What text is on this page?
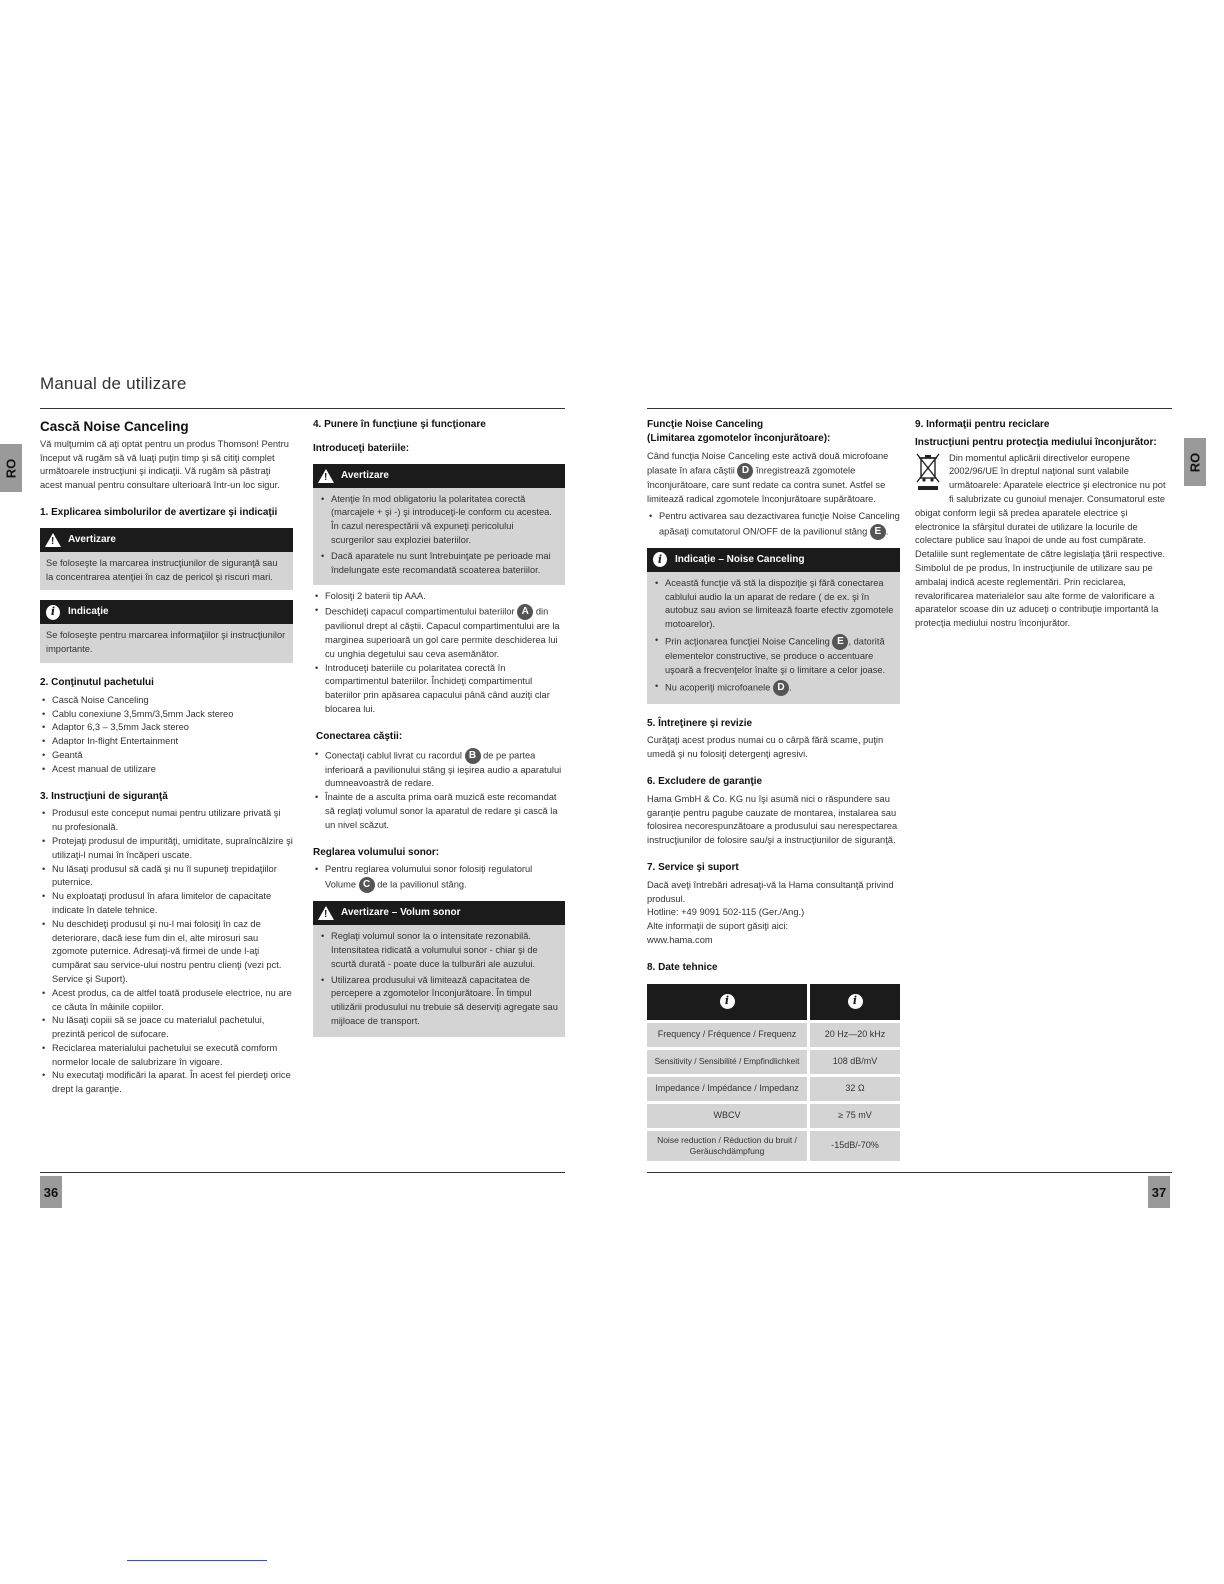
Manual de utilizare
RO	RO
Cască Noise Canceling

Vă mulţumim că aţi optat pentru un produs Thomson! Pentru început vă rugăm să vă luaţi puţin timp şi să citiţi complet următoarele instrucţiuni şi indicaţii. Vă rugăm să păstraţi acest manual pentru consultare ulterioară într-un loc sigur.

1. Explicarea simbolurilor de avertizare şi indicaţii
!
Avertizare

Se foloseşte la marcarea instrucţiunilor de siguranţă sau la concentrarea atenţiei în caz de pericol şi riscuri mari.

i	Indicaţie

Se foloseşte pentru marcarea informaţiilor şi instrucţiunilor importante.

2. Conţinutul pachetului
• Cască Noise Canceling
• Cablu conexiune 3,5mm/3,5mm Jack stereo
• Adaptor 6,3 – 3,5mm Jack stereo
• Adaptor In-flight Entertainment
• Geantă
• Acest manual de utilizare
3. Instrucţiuni de siguranţă
• Produsul este conceput numai pentru utilizare privată şi nu profesională.
• Protejaţi produsul de impurităţi, umiditate, supraîncălzire şi utilizaţi-l numai în încăperi uscate.
• Nu lăsaţi produsul să cadă şi nu îl supuneţi trepidaţiilor puternice.
• Nu exploataţi produsul în afara limitelor de capacitate indicate în datele tehnice.
• Nu deschideţi produsul şi nu-l mai folosiţi în caz de deteriorare, dacă iese fum din el, alte mirosuri sau zgomote puternice. Adresaţi-vă firmei de unde l-aţi cumpărat sau service-ului nostru pentru clienţi (vezi pct. Service şi Suport).
• Acest produs, ca de altfel toată produsele electrice, nu are ce căuta în mâinile copiilor.
• Nu lăsaţi copiii să se joace cu materialul pachetului, prezintă pericol de sufocare.
• Reciclarea materialului pachetului se execută comform normelor locale de salubrizare în vigoare.
• Nu executaţi modificări la aparat. În acest fel pierdeţi orice drept la garanţie.
4. Punere în funcţiune şi funcţionare
Introduceţi bateriile:
!
Avertizare
• Atenţie în mod obligatoriu la polaritatea corectă (marcajele + şi -) şi introduceţi-le conform cu acestea. În cazul nerespectării vă expuneţi pericolului scurgerilor sau exploziei bateriilor.
• Dacă aparatele nu sunt întrebuinţate pe perioade mai îndelungate este recomandată scoaterea bateriilor.
• Folosiţi 2 baterii tip AAA.
• Deschideţi capacul compartimentului bateriilor A din pavilionul drept al căştii. Capacul compartimentului are la marginea superioară un gol care permite deschiderea lui cu unghia degetului sau ceva asemănător.
• Introduceţi bateriile cu polaritatea corectă în compartimentul bateriilor. Închideţi compartimentul bateriilor prin apăsarea capacului până când auziţi clar blocarea lui.
Conectarea căştii:
• Conectaţi cablul livrat cu racordul B de pe partea inferioară a pavilionului stâng şi ieşirea audio a aparatului dumneavoastră de redare.
• Înainte de a asculta prima oară muzică este recomandat să reglaţi volumul sonor la aparatul de redare şi cască la un nivel scăzut.
Reglarea volumului sonor:
• Pentru reglarea volumului sonor folosiţi regulatorul Volume C de la pavilionul stâng.
!
Avertizare – Volum sonor
• Reglaţi volumul sonor la o intensitate rezonabilă. Intensitatea ridicată a volumului sonor - chiar şi de scurtă durată - poate duce la tulburări ale auzului.
• Utilizarea produsului vă limitează capacitatea de percepere a zgomotelor înconjurătoare. În timpul utilizării produsului nu trebuie să deserviţi agregate sau mijloace de transport.
36
Funcţie Noise Canceling
(Limitarea zgomotelor înconjurătoare):

Când funcţia Noise Canceling este activă două microfoane plasate în afara căştii D înregistrează zgomotele înconjurătoare, care sunt redate ca contra sunet. Astfel se limitează radical zgomotele înconjurătoare supărătoare.

• Pentru activarea sau dezactivarea funcţie Noise Canceling apăsaţi comutatorul ON/OFF de la pavilionul stâng E .
i	Indicaţie – Noise Canceling
• Această funcţie vă stă la dispoziţie şi fără conectarea cablului audio la un aparat de redare ( de ex. şi în autobuz sau avion se limitează foarte efectiv zgomotele motoarelor).
• Prin acţionarea funcţiei Noise Canceling E , datorită elementelor constructive, se produce o accentuare uşoară a frecvenţelor înalte şi o limitare a celor joase.
• Nu acoperiţi microfoanele D .
5. Întreţinere şi revizie

Curăţaţi acest produs numai cu o cârpă fără scame, puţin umedă şi nu folosiţi detergenţi agresivi.

6. Excludere de garanţie

Hama GmbH & Co. KG nu îşi asumă nici o răspundere sau garanţie pentru pagube cauzate de montarea, instalarea sau folosirea necorespunzătoare a produsului sau nerespectarea instrucţiunilor de folosire sau/şi a instrucţiunilor de siguranţă.

7. Service şi suport

Dacă aveţi întrebări adresaţi-vă la Hama consultanţă privind produsul.

Hotline: +49 9091 502-115 (Ger./Ang.)

Alte informaţii de suport găsiţi aici:

www.hama.com

8. Date tehnice
i	i
Frequency / Fréquence / Frequenz	20 Hz—20 kHz
Sensitivity / Sensibilité / Empfindlichkeit	108 dB/mV
Impedance / Impédance / Impedanz	32 Ω
WBCV	≥ 75 mV
Noise reduction / Réduction du bruit / Geräuschdämpfung	-15dB/-70%
9. Informaţii pentru reciclare
Instrucţiuni pentru protecţia mediului înconjurător:

Din momentul aplicării directivelor europene 2002/96/UE în dreptul naţional sunt valabile următoarele: Aparatele electrice şi electronice nu pot fi salubrizate cu gunoiul menajer. Consumatorul este obigat conform legii să predea aparatele electrice şi electronice la sfârşitul duratei de utilizare la locurile de colectare publice sau înapoi de unde au fost cumpărate. Detaliile sunt reglementate de către legislaţia ţării respective. Simbolul de pe produs, în instrucţiunile de utilizare sau pe ambalaj indică aceste reglementări. Prin reciclarea, revalorificarea materialelor sau alte forme de valorificare a aparatelor scoase din uz aduceţi o contribuţie importantă la protecţia mediului nostru înconjurător.

37
